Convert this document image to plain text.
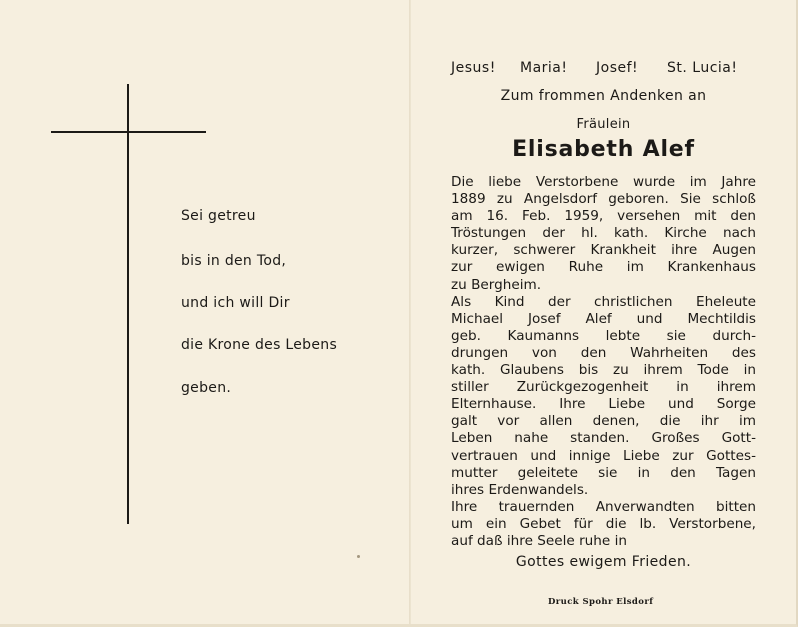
Sei getreu
bis in den Tod,
und ich will Dir
die Krone des Lebens
geben.
Jesus! Maria! Josef! St. Lucia!
Zum frommen Andenken an
Fräulein
Elisabeth Alef
Die liebe Verstorbene wurde im Jahre
1889 zu Angelsdorf geboren. Sie schloß
am 16. Feb. 1959, versehen mit den
Tröstungen der hl. kath. Kirche nach
kurzer, schwerer Krankheit ihre Augen
zur ewigen Ruhe im Krankenhaus
zu Bergheim.
Als Kind der christlichen Eheleute
Michael Josef Alef und Mechtildis
geb. Kaumanns lebte sie durch-
drungen von den Wahrheiten des
kath. Glaubens bis zu ihrem Tode in
stiller Zurückgezogenheit in ihrem
Elternhause. Ihre Liebe und Sorge
galt vor allen denen, die ihr im
Leben nahe standen. Großes Gott-
vertrauen und innige Liebe zur Gottes-
mutter geleitete sie in den Tagen
ihres Erdenwandels.
Ihre trauernden Anverwandten bitten
um ein Gebet für die lb. Verstorbene,
auf daß ihre Seele ruhe in
Gottes ewigem Frieden.
Druck Spohr Elsdorf
